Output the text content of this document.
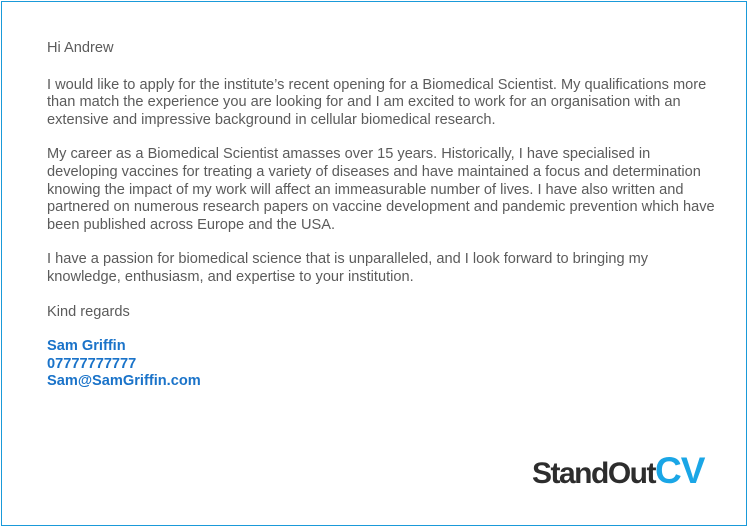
Hi Andrew

I would like to apply for the institute’s recent opening for a Biomedical Scientist. My qualifications more than match the experience you are looking for and I am excited to work for an organisation with an extensive and impressive background in cellular biomedical research.

My career as a Biomedical Scientist amasses over 15 years. Historically, I have specialised in developing vaccines for treating a variety of diseases and have maintained a focus and determination knowing the impact of my work will affect an immeasurable number of lives. I have also written and partnered on numerous research papers on vaccine development and pandemic prevention which have been published across Europe and the USA.

I have a passion for biomedical science that is unparalleled, and I look forward to bringing my knowledge, enthusiasm, and expertise to your institution.

Kind regards

Sam Griffin
07777777777
Sam@SamGriffin.com
StandOutCV
